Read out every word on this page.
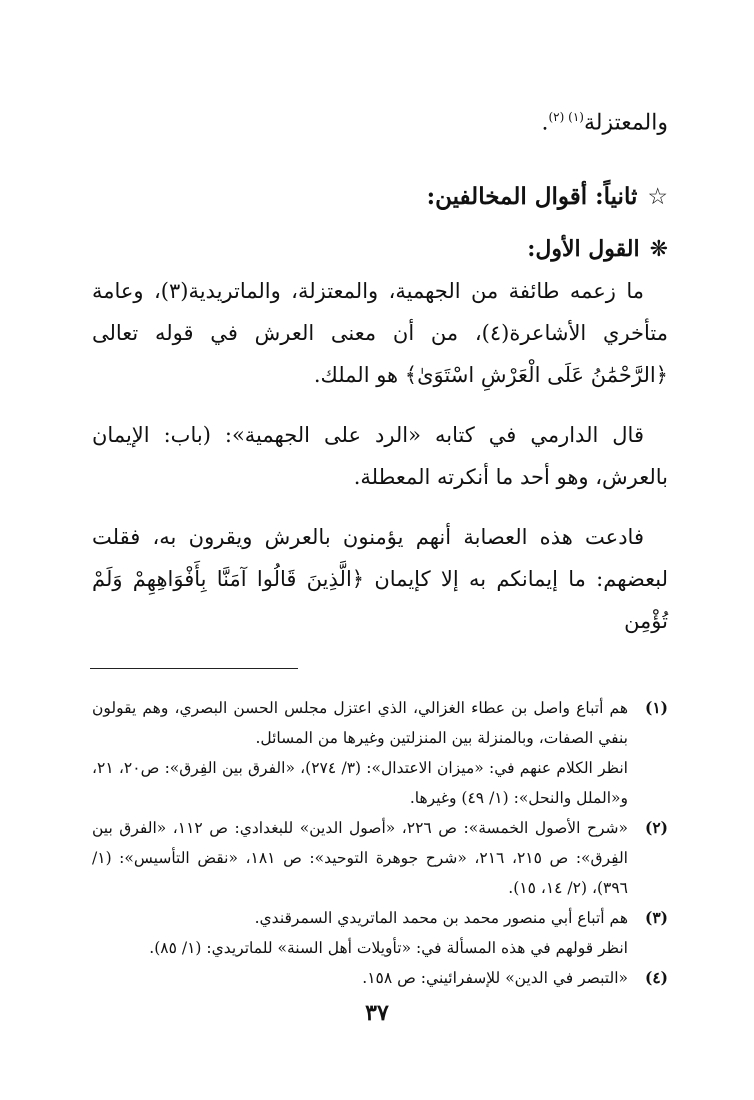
والمعتزلة$^{(١) (٢)}$.
☆ثانياً: أقوال المخالفين:
❋القول الأول:

ما زعمه طائفة من الجهمية، والمعتزلة، والماتريدية(٣)، وعامة متأخري الأشاعرة(٤)، من أن معنى العرش في قوله تعالى ﴿الرَّحْمَٰنُ عَلَى الْعَرْشِ اسْتَوَىٰ﴾ هو الملك.

قال الدارمي في كتابه «الرد على الجهمية»: (باب: الإيمان بالعرش، وهو أحد ما أنكرته المعطلة.

فادعت هذه العصابة أنهم يؤمنون بالعرش ويقرون به، فقلت لبعضهم: ما إيمانكم به إلا كإيمان ﴿الَّذِينَ قَالُوا آمَنَّا بِأَفْوَاهِهِمْ وَلَمْ تُؤْمِن

(١)

هم أتباع واصل بن عطاء الغزالي، الذي اعتزل مجلس الحسن البصري، وهم يقولون بنفي الصفات، وبالمنزلة بين المنزلتين وغيرها من المسائل.

انظر الكلام عنهم في: «ميزان الاعتدال»: (٣/ ٢٧٤)، «الفرق بين الفِرق»: ص٢٠، ٢١، و«الملل والنحل»: (١/ ٤٩) وغيرها.

(٢)

«شرح الأصول الخمسة»: ص ٢٢٦، «أصول الدين» للبغدادي: ص ١١٢، «الفرق بين الفِرق»: ص ٢١٥، ٢١٦، «شرح جوهرة التوحيد»: ص ١٨١، «نقض التأسيس»: (١/ ٣٩٦)، (٢/ ١٤، ١٥).

(٣)

هم أتباع أبي منصور محمد بن محمد الماتريدي السمرقندي.

انظر قولهم في هذه المسألة في: «تأويلات أهل السنة» للماتريدي: (١/ ٨٥).

(٤)

«التبصر في الدين» للإسفرائيني: ص ١٥٨.

٣٧
